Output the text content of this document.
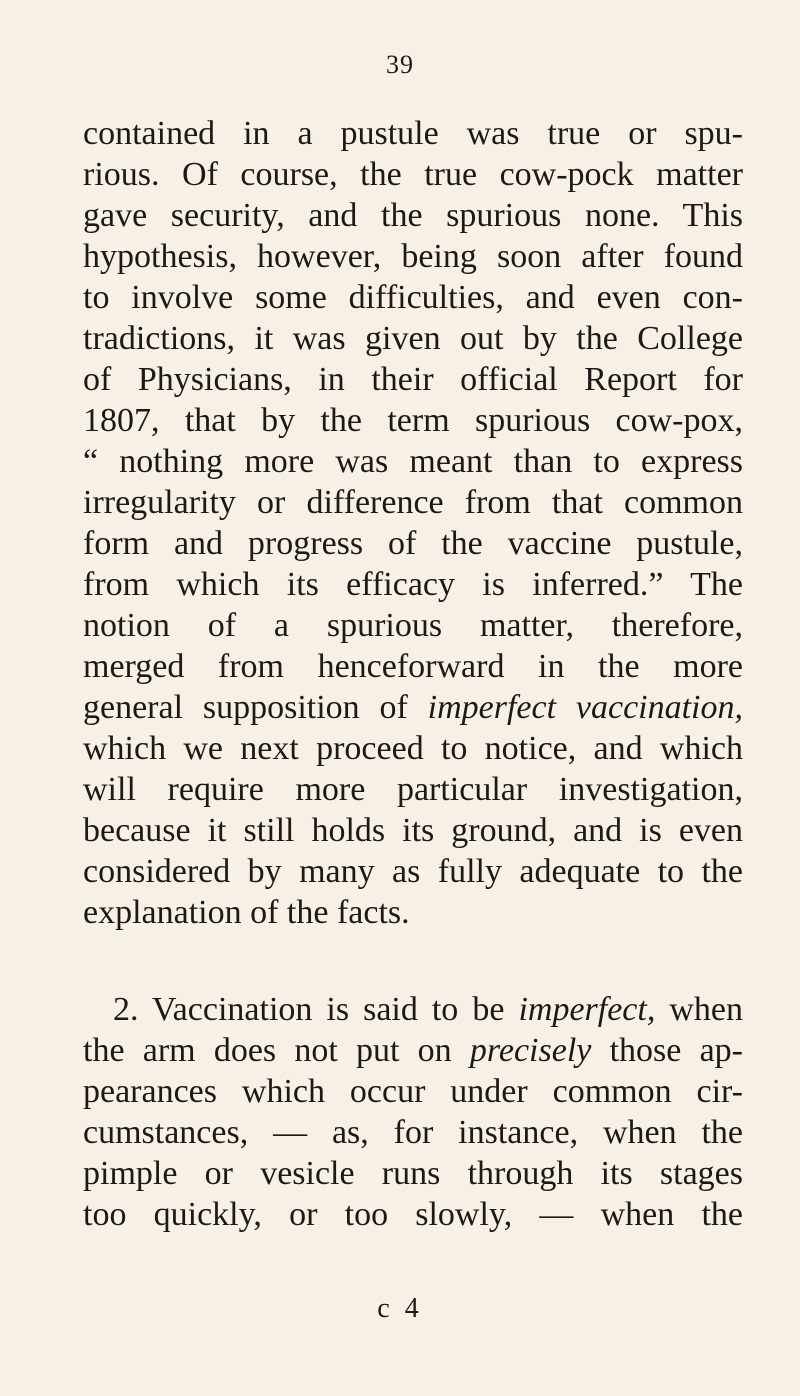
39
contained in a pustule was true or spu-
rious. Of course, the true cow-pock matter
gave security, and the spurious none. This
hypothesis, however, being soon after found
to involve some difficulties, and even con-
tradictions, it was given out by the College
of Physicians, in their official Report for
1807, that by the term spurious cow-pox,
“ nothing more was meant than to express
irregularity or difference from that common
form and progress of the vaccine pustule,
from which its efficacy is inferred.” The
notion of a spurious matter, therefore,
merged from henceforward in the more
general supposition of imperfect vaccination,
which we next proceed to notice, and which
will require more particular investigation,
because it still holds its ground, and is even
considered by many as fully adequate to the
explanation of the facts.
2. Vaccination is said to be imperfect, when
the arm does not put on precisely those ap-
pearances which occur under common cir-
cumstances, — as, for instance, when the
pimple or vesicle runs through its stages
too quickly, or too slowly, — when the
c 4
